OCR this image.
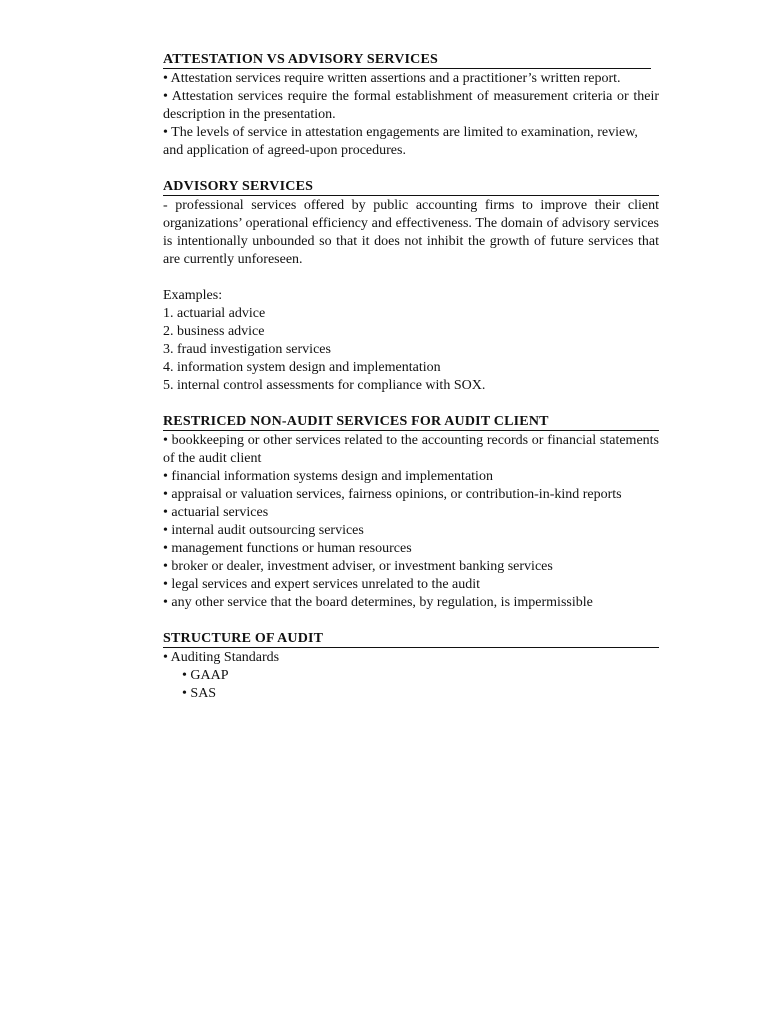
ATTESTATION VS ADVISORY SERVICES

• Attestation services require written assertions and a practitioner’s written report.

• Attestation services require the formal establishment of measurement criteria or their description in the presentation.

• The levels of service in attestation engagements are limited to examination, review,

and application of agreed-upon procedures.

ADVISORY SERVICES

- professional services offered by public accounting firms to improve their client organizations’ operational efficiency and effectiveness. The domain of advisory services is intentionally unbounded so that it does not inhibit the growth of future services that are currently unforeseen.

Examples:

1. actuarial advice

2. business advice

3. fraud investigation services

4. information system design and implementation

5. internal control assessments for compliance with SOX.

RESTRICED NON-AUDIT SERVICES FOR AUDIT CLIENT

• bookkeeping or other services related to the accounting records or financial statements of the audit client

• financial information systems design and implementation

• appraisal or valuation services, fairness opinions, or contribution-in-kind reports

• actuarial services

• internal audit outsourcing services

• management functions or human resources

• broker or dealer, investment adviser, or investment banking services

• legal services and expert services unrelated to the audit

• any other service that the board determines, by regulation, is impermissible

STRUCTURE OF AUDIT

• Auditing Standards

• GAAP

• SAS
